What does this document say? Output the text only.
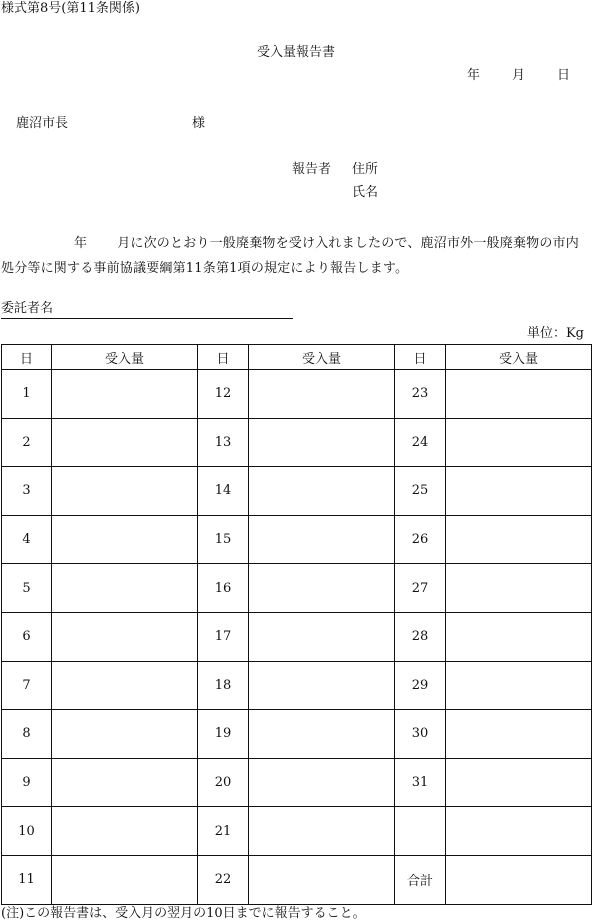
様式第8号(第11条関係)
受入量報告書
年 月 日
鹿沼市長	様
報告者 住所
氏名
年 月に次のとおり一般廃棄物を受け入れましたので、鹿沼市外一般廃棄物の市内処分等に関する事前協議要綱第11条第1項の規定により報告します。
委託者名
単位：Kg
日	受入量	日	受入量	日	受入量
1		12		23	
2		13		24	
3		14		25	
4		15		26	
5		16		27	
6		17		28	
7		18		29	
8		19		30	
9		20		31	
10		21			
11		22		合計	
(注)この報告書は、受入月の翌月の10日までに報告すること。
